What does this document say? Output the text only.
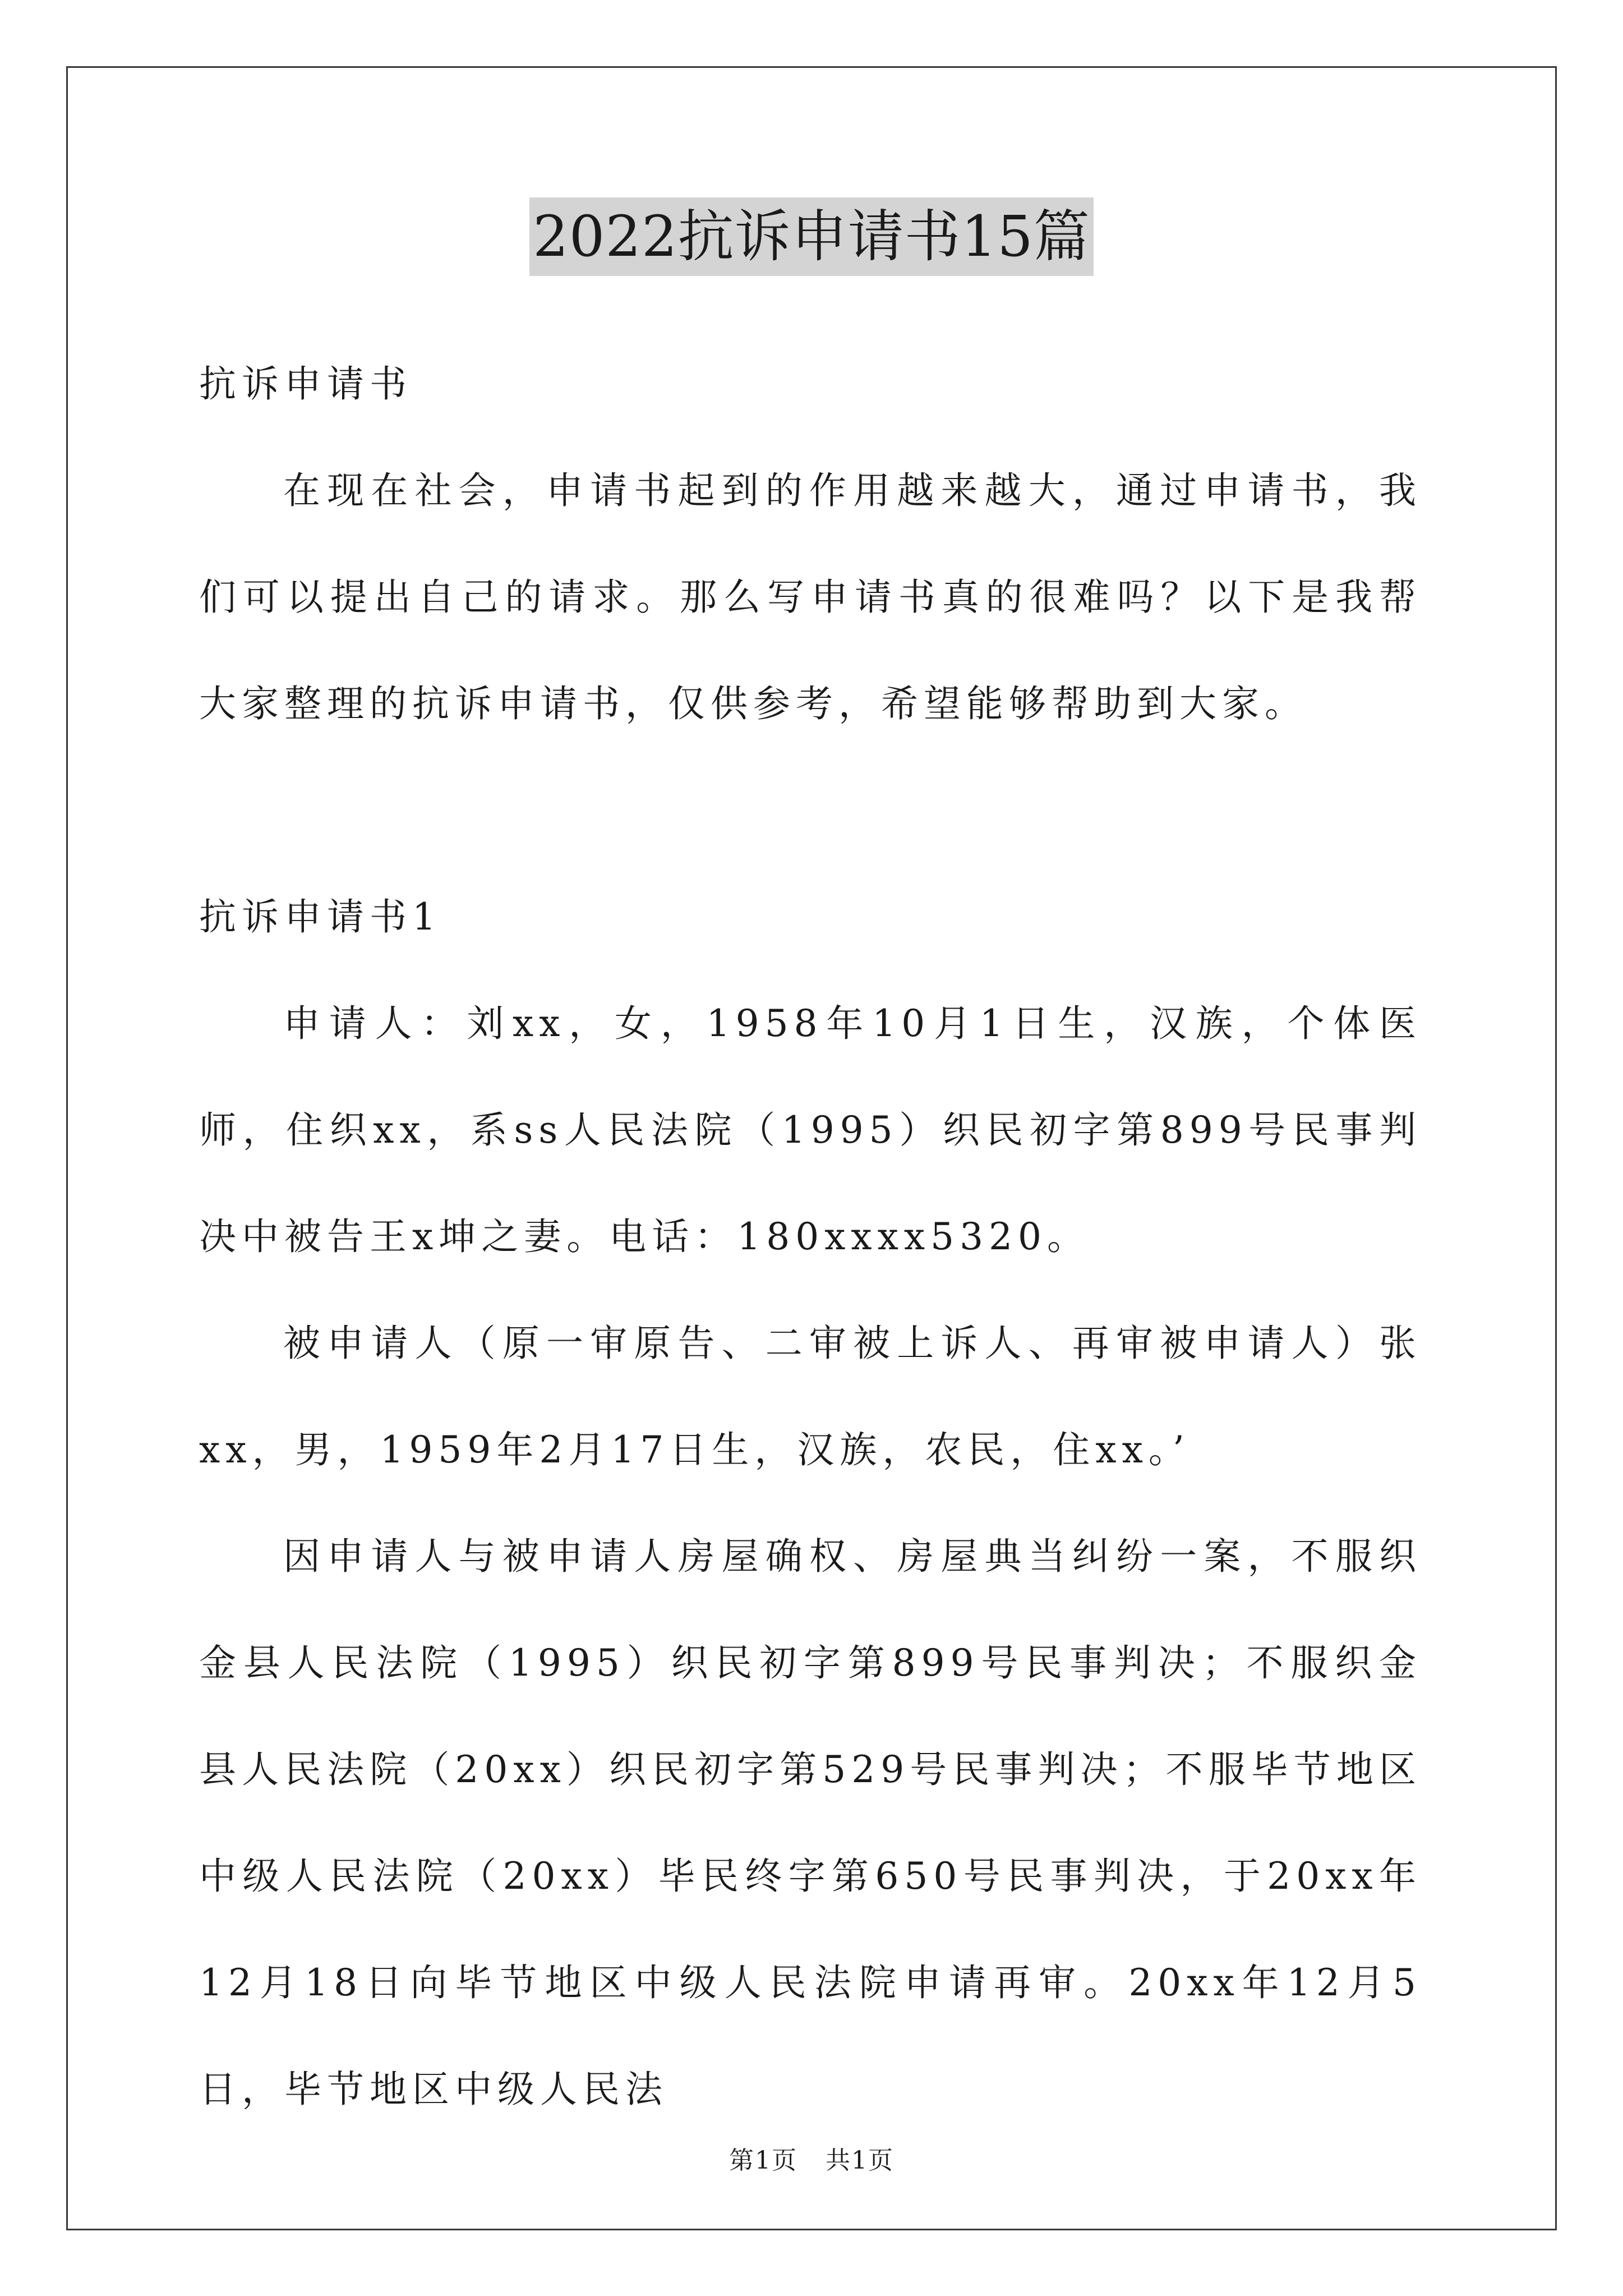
2022抗诉申请书15篇

抗诉申请书

在现在社会，申请书起到的作用越来越大，通过申请书，我们可以提出自己的请求。那么写申请书真的很难吗？以下是我帮大家整理的抗诉申请书，仅供参考，希望能够帮助到大家。

抗诉申请书1

申请人：刘xx，女，1958年10月1日生，汉族，个体医师，住织xx，系ss人民法院（1995）织民初字第899号民事判决中被告王x坤之妻。电话：180xxxx5320。

被申请人（原一审原告、二审被上诉人、再审被申请人）张xx，男，1959年2月17日生，汉族，农民，住xx。’

因申请人与被申请人房屋确权、房屋典当纠纷一案，不服织金县人民法院（1995）织民初字第899号民事判决；不服织金县人民法院（20xx）织民初字第529号民事判决；不服毕节地区中级人民法院（20xx）毕民终字第650号民事判决，于20xx年12月18日向毕节地区中级人民法院申请再审。20xx年12月5日，毕节地区中级人民法

第1页 共1页
